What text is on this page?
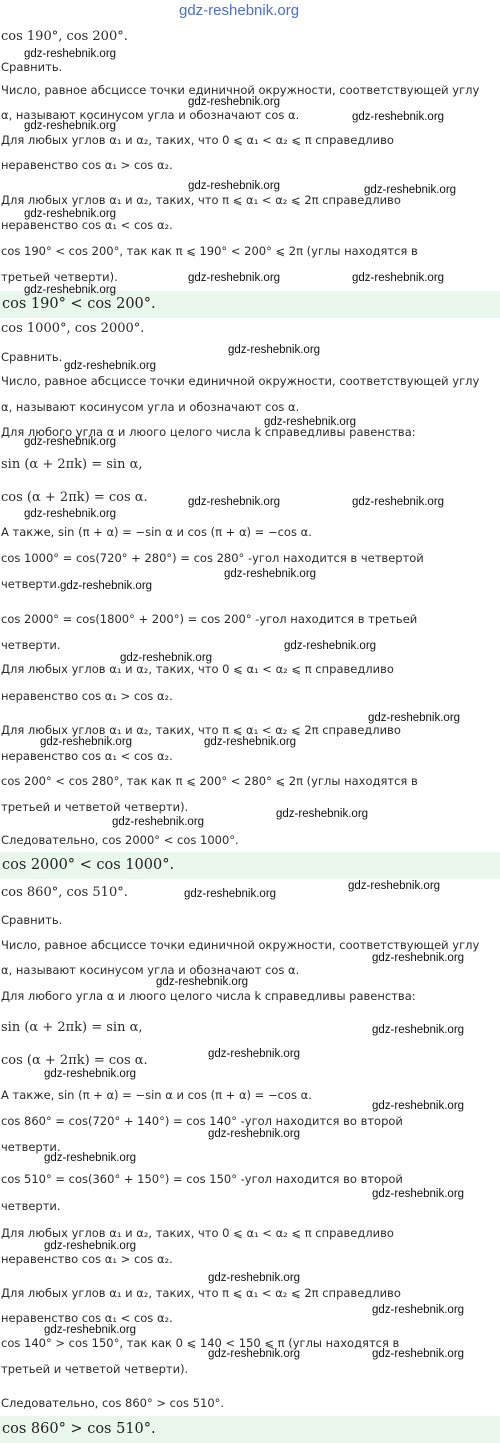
gdz-reshebnik.org
cos 190°, cos 200°.
Сравнить.
Число, равное абсциссе точки единичной окружности, соответствующей углу
α, называют косинусом угла и обозначают cos α.
Для любых углов α₁ и α₂, таких, что 0 ⩽ α₁ < α₂ ⩽ π справедливо
неравенство cos α₁ > cos α₂.
Для любых углов α₁ и α₂, таких, что π ⩽ α₁ < α₂ ⩽ 2π справедливо
неравенство cos α₁ < cos α₂.
cos 190° < cos 200°, так как π ⩽ 190° < 200° ⩽ 2π (углы находятся в
третьей четверти).
cos 1000°, cos 2000°.
Сравнить.
Число, равное абсциссе точки единичной окружности, соответствующей углу
α, называют косинусом угла и обозначают cos α.
Для любого угла α и люого целого числа k справедливы равенства:
sin (α + 2πk) = sin α,
cos (α + 2πk) = cos α.
А также, sin (π + α) = −sin α и cos (π + α) = −cos α.
cos 1000° = cos(720° + 280°) = cos 280° -угол находится в четвертой
четверти.
cos 2000° = cos(1800° + 200°) = cos 200° -угол находится в третьей
четверти.
Для любых углов α₁ и α₂, таких, что 0 ⩽ α₁ < α₂ ⩽ π справедливо
неравенство cos α₁ > cos α₂.
Для любых углов α₁ и α₂, таких, что π ⩽ α₁ < α₂ ⩽ 2π справедливо
неравенство cos α₁ < cos α₂.
cos 200° < cos 280°, так как π ⩽ 200° < 280° ⩽ 2π (углы находятся в
третьей и четветой четверти).
Следовательно, cos 2000° < cos 1000°.
cos 860°, cos 510°.
Сравнить.
Число, равное абсциссе точки единичной окружности, соответствующей углу
α, называют косинусом угла и обозначают cos α.
Для любого угла α и люого целого числа k справедливы равенства:
sin (α + 2πk) = sin α,
cos (α + 2πk) = cos α.
А также, sin (π + α) = −sin α и cos (π + α) = −cos α.
cos 860° = cos(720° + 140°) = cos 140° -угол находится во второй
четверти.
cos 510° = cos(360° + 150°) = cos 150° -угол находится во второй
четверти.
Для любых углов α₁ и α₂, таких, что 0 ⩽ α₁ < α₂ ⩽ π справедливо
неравенство cos α₁ > cos α₂.
Для любых углов α₁ и α₂, таких, что π ⩽ α₁ < α₂ ⩽ 2π справедливо
неравенство cos α₁ < cos α₂.
cos 140° > cos 150°, так как 0 ⩽ 140 < 150 ⩽ π (углы находятся в
третьей и четветой четверти).
Следовательно, cos 860° > cos 510°.
cos 190° < cos 200°.
cos 2000° < cos 1000°.
cos 860° > cos 510°.
gdz-reshebnik.org
gdz-reshebnik.org
gdz-reshebnik.org
gdz-reshebnik.org
gdz-reshebnik.org	gdz-reshebnik.org
gdz-reshebnik.org
gdz-reshebnik.org	gdz-reshebnik.org
gdz-reshebnik.org
gdz-reshebnik.org
gdz-reshebnik.org
gdz-reshebnik.org
gdz-reshebnik.org
gdz-reshebnik.org	gdz-reshebnik.org
gdz-reshebnik.org
gdz-reshebnik.org
gdz-reshebnik.org
gdz-reshebnik.org
gdz-reshebnik.org
gdz-reshebnik.org
gdz-reshebnik.org	gdz-reshebnik.org
gdz-reshebnik.org
gdz-reshebnik.org
gdz-reshebnik.org
gdz-reshebnik.org
gdz-reshebnik.org
gdz-reshebnik.org
gdz-reshebnik.org
gdz-reshebnik.org
gdz-reshebnik.org
gdz-reshebnik.org
gdz-reshebnik.org
gdz-reshebnik.org
gdz-reshebnik.org
gdz-reshebnik.org
gdz-reshebnik.org
gdz-reshebnik.org
gdz-reshebnik.org
gdz-reshebnik.org	gdz-reshebnik.org
